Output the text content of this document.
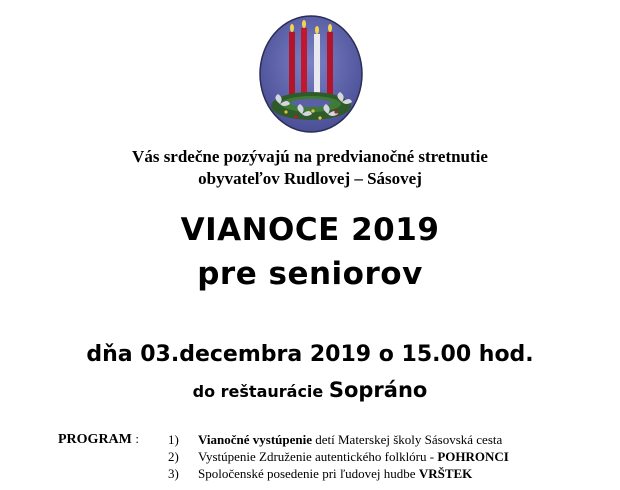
Vás srdečne pozývajú na predvianočné stretnutie
obyvateľov Rudlovej – Sásovej
VIANOCE 2019
pre seniorov
dňa 03.decembra 2019 o 15.00 hod.
do reštaurácie Sopráno
PROGRAM : 1) Vianočné vystúpenie detí Materskej školy Sásovská cesta
2) Vystúpenie Združenie autentického folklóru - POHRONCI
3) Spoločenské posedenie pri ľudovej hudbe VRŠTEK
